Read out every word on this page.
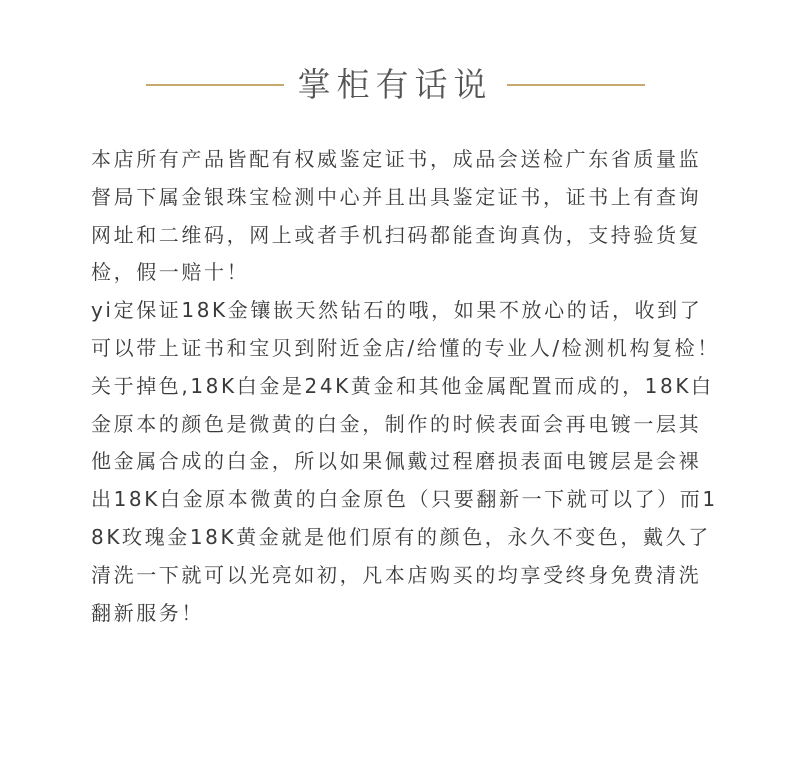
掌柜有话说

本店所有产品皆配有权威鉴定证书，成品会送检广东省质量监督局下属金银珠宝检测中心并且出具鉴定证书，证书上有查询网址和二维码，网上或者手机扫码都能查询真伪，支持验货复检，假一赔十！

yi定保证18K金镶嵌天然钻石的哦，如果不放心的话，收到了可以带上证书和宝贝到附近金店/给懂的专业人/检测机构复检！

关于掉色,18K白金是24K黄金和其他金属配置而成的，18K白金原本的颜色是微黄的白金，制作的时候表面会再电镀一层其他金属合成的白金，所以如果佩戴过程磨损表面电镀层是会裸出18K白金原本微黄的白金原色（只要翻新一下就可以了）而18K玫瑰金18K黄金就是他们原有的颜色，永久不变色，戴久了清洗一下就可以光亮如初，凡本店购买的均享受终身免费清洗翻新服务！
